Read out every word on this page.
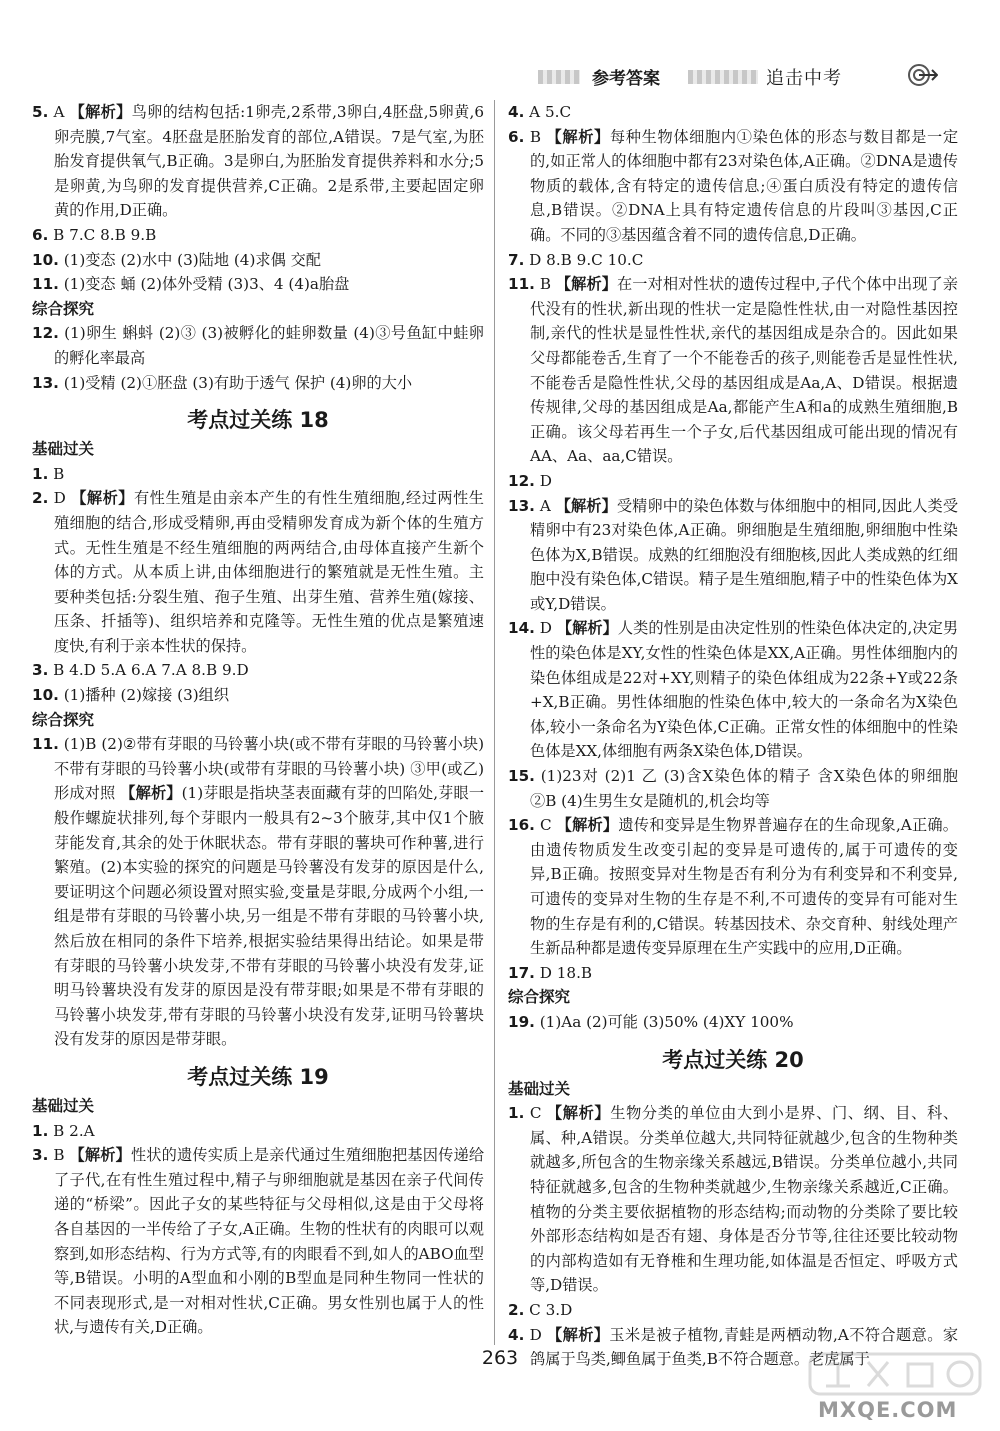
参考答案	追击中考

5. A 【解析】鸟卵的结构包括:1卵壳,2系带,3卵白,4胚盘,5卵黄,6卵壳膜,7气室。4胚盘是胚胎发育的部位,A错误。7是气室,为胚胎发育提供氧气,B正确。3是卵白,为胚胎发育提供养料和水分;5是卵黄,为鸟卵的发育提供营养,C正确。2是系带,主要起固定卵黄的作用,D正确。

6. B 7.C 8.B 9.B

10. (1)变态 (2)水中 (3)陆地 (4)求偶 交配

11. (1)变态 蛹 (2)体外受精 (3)3、4 (4)a胎盘

综合探究

12. (1)卵生 蝌蚪 (2)③ (3)被孵化的蛙卵数量 (4)③号鱼缸中蛙卵的孵化率最高

13. (1)受精 (2)①胚盘 (3)有助于透气 保护 (4)卵的大小

考点过关练 18

基础过关

1. B

2. D 【解析】有性生殖是由亲本产生的有性生殖细胞,经过两性生殖细胞的结合,形成受精卵,再由受精卵发育成为新个体的生殖方式。无性生殖是不经生殖细胞的两两结合,由母体直接产生新个体的方式。从本质上讲,由体细胞进行的繁殖就是无性生殖。主要种类包括:分裂生殖、孢子生殖、出芽生殖、营养生殖(嫁接、压条、扦插等)、组织培养和克隆等。无性生殖的优点是繁殖速度快,有利于亲本性状的保持。

3. B 4.D 5.A 6.A 7.A 8.B 9.D

10. (1)播种 (2)嫁接 (3)组织

综合探究

11. (1)B (2)②带有芽眼的马铃薯小块(或不带有芽眼的马铃薯小块) 不带有芽眼的马铃薯小块(或带有芽眼的马铃薯小块) ③甲(或乙) 形成对照 【解析】(1)芽眼是指块茎表面藏有芽的凹陷处,芽眼一般作螺旋状排列,每个芽眼内一般具有2~3个腋芽,其中仅1个腋芽能发育,其余的处于休眠状态。带有芽眼的薯块可作种薯,进行繁殖。(2)本实验的探究的问题是马铃薯没有发芽的原因是什么,要证明这个问题必须设置对照实验,变量是芽眼,分成两个小组,一组是带有芽眼的马铃薯小块,另一组是不带有芽眼的马铃薯小块,然后放在相同的条件下培养,根据实验结果得出结论。如果是带有芽眼的马铃薯小块发芽,不带有芽眼的马铃薯小块没有发芽,证明马铃薯块没有发芽的原因是没有带芽眼;如果是不带有芽眼的马铃薯小块发芽,带有芽眼的马铃薯小块没有发芽,证明马铃薯块没有发芽的原因是带芽眼。

考点过关练 19

基础过关

1. B 2.A

3. B 【解析】性状的遗传实质上是亲代通过生殖细胞把基因传递给了子代,在有性生殖过程中,精子与卵细胞就是基因在亲子代间传递的“桥梁”。因此子女的某些特征与父母相似,这是由于父母将各自基因的一半传给了子女,A正确。生物的性状有的肉眼可以观察到,如形态结构、行为方式等,有的肉眼看不到,如人的ABO血型等,B错误。小明的A型血和小刚的B型血是同种生物同一性状的不同表现形式,是一对相对性状,C正确。男女性别也属于人的性状,与遗传有关,D正确。

4. A 5.C

6. B 【解析】每种生物体细胞内①染色体的形态与数目都是一定的,如正常人的体细胞中都有23对染色体,A正确。②DNA是遗传物质的载体,含有特定的遗传信息;④蛋白质没有特定的遗传信息,B错误。②DNA上具有特定遗传信息的片段叫③基因,C正确。不同的③基因蕴含着不同的遗传信息,D正确。

7. D 8.B 9.C 10.C

11. B 【解析】在一对相对性状的遗传过程中,子代个体中出现了亲代没有的性状,新出现的性状一定是隐性性状,由一对隐性基因控制,亲代的性状是显性性状,亲代的基因组成是杂合的。因此如果父母都能卷舌,生育了一个不能卷舌的孩子,则能卷舌是显性性状,不能卷舌是隐性性状,父母的基因组成是Aa,A、D错误。根据遗传规律,父母的基因组成是Aa,都能产生A和a的成熟生殖细胞,B正确。该父母若再生一个子女,后代基因组成可能出现的情况有AA、Aa、aa,C错误。

12. D

13. A 【解析】受精卵中的染色体数与体细胞中的相同,因此人类受精卵中有23对染色体,A正确。卵细胞是生殖细胞,卵细胞中性染色体为X,B错误。成熟的红细胞没有细胞核,因此人类成熟的红细胞中没有染色体,C错误。精子是生殖细胞,精子中的性染色体为X或Y,D错误。

14. D 【解析】人类的性别是由决定性别的性染色体决定的,决定男性的染色体是XY,女性的性染色体是XX,A正确。男性体细胞内的染色体组成是22对+XY,则精子的染色体组成为22条+Y或22条+X,B正确。男性体细胞的性染色体中,较大的一条命名为X染色体,较小一条命名为Y染色体,C正确。正常女性的体细胞中的性染色体是XX,体细胞有两条X染色体,D错误。

15. (1)23对 (2)1 乙 (3)含X染色体的精子 含X染色体的卵细胞 ②B (4)生男生女是随机的,机会均等

16. C 【解析】遗传和变异是生物界普遍存在的生命现象,A正确。由遗传物质发生改变引起的变异是可遗传的,属于可遗传的变异,B正确。按照变异对生物是否有利分为有利变异和不利变异,可遗传的变异对生物的生存是不利,不可遗传的变异有可能对生物的生存是有利的,C错误。转基因技术、杂交育种、射线处理产生新品种都是遗传变异原理在生产实践中的应用,D正确。

17. D 18.B

综合探究

19. (1)Aa (2)可能 (3)50% (4)XY 100%

考点过关练 20

基础过关

1. C 【解析】生物分类的单位由大到小是界、门、纲、目、科、属、种,A错误。分类单位越大,共同特征就越少,包含的生物种类就越多,所包含的生物亲缘关系越远,B错误。分类单位越小,共同特征就越多,包含的生物种类就越少,生物亲缘关系越近,C正确。植物的分类主要依据植物的形态结构;而动物的分类除了要比较外部形态结构如是否有翅、身体是否分节等,往往还要比较动物的内部构造如有无脊椎和生理功能,如体温是否恒定、呼吸方式等,D错误。

2. C 3.D

4. D 【解析】玉米是被子植物,青蛙是两栖动物,A不符合题意。家鸽属于鸟类,鲫鱼属于鱼类,B不符合题意。老虎属于

263
MXQE.COM
